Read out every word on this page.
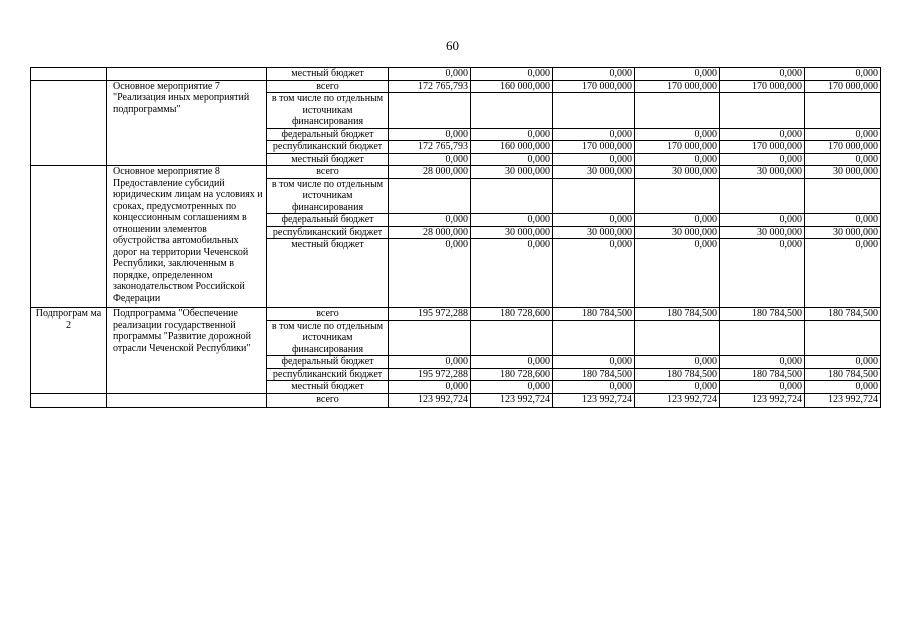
60
		местный бюджет	0,000	0,000	0,000	0,000	0,000	0,000
	Основное мероприятие 7 "Реализация иных мероприятий подпрограммы"	всего	172 765,793	160 000,000	170 000,000	170 000,000	170 000,000	170 000,000
		в том числе по отдельным источникам финансирования						
		федеральный бюджет	0,000	0,000	0,000	0,000	0,000	0,000
		республиканский бюджет	172 765,793	160 000,000	170 000,000	170 000,000	170 000,000	170 000,000
		местный бюджет	0,000	0,000	0,000	0,000	0,000	0,000
	Основное мероприятие 8 Предоставление субсидий юридическим лицам на условиях и сроках, предусмотренных по концессионным соглашениям в отношении элементов обустройства автомобильных дорог на территории Чеченской Республики, заключенным в порядке, определенном законодательством Российской Федерации	всего	28 000,000	30 000,000	30 000,000	30 000,000	30 000,000	30 000,000
		в том числе по отдельным источникам финансирования						
		федеральный бюджет	0,000	0,000	0,000	0,000	0,000	0,000
		республиканский бюджет	28 000,000	30 000,000	30 000,000	30 000,000	30 000,000	30 000,000
		местный бюджет	0,000	0,000	0,000	0,000	0,000	0,000
Подпрограм ма 2	Подпрограмма "Обеспечение реализации государственной программы "Развитие дорожной отрасли Чеченской Республики"	всего	195 972,288	180 728,600	180 784,500	180 784,500	180 784,500	180 784,500
		в том числе по отдельным источникам финансирования						
		федеральный бюджет	0,000	0,000	0,000	0,000	0,000	0,000
		республиканский бюджет	195 972,288	180 728,600	180 784,500	180 784,500	180 784,500	180 784,500
		местный бюджет	0,000	0,000	0,000	0,000	0,000	0,000
		всего	123 992,724	123 992,724	123 992,724	123 992,724	123 992,724	123 992,724
